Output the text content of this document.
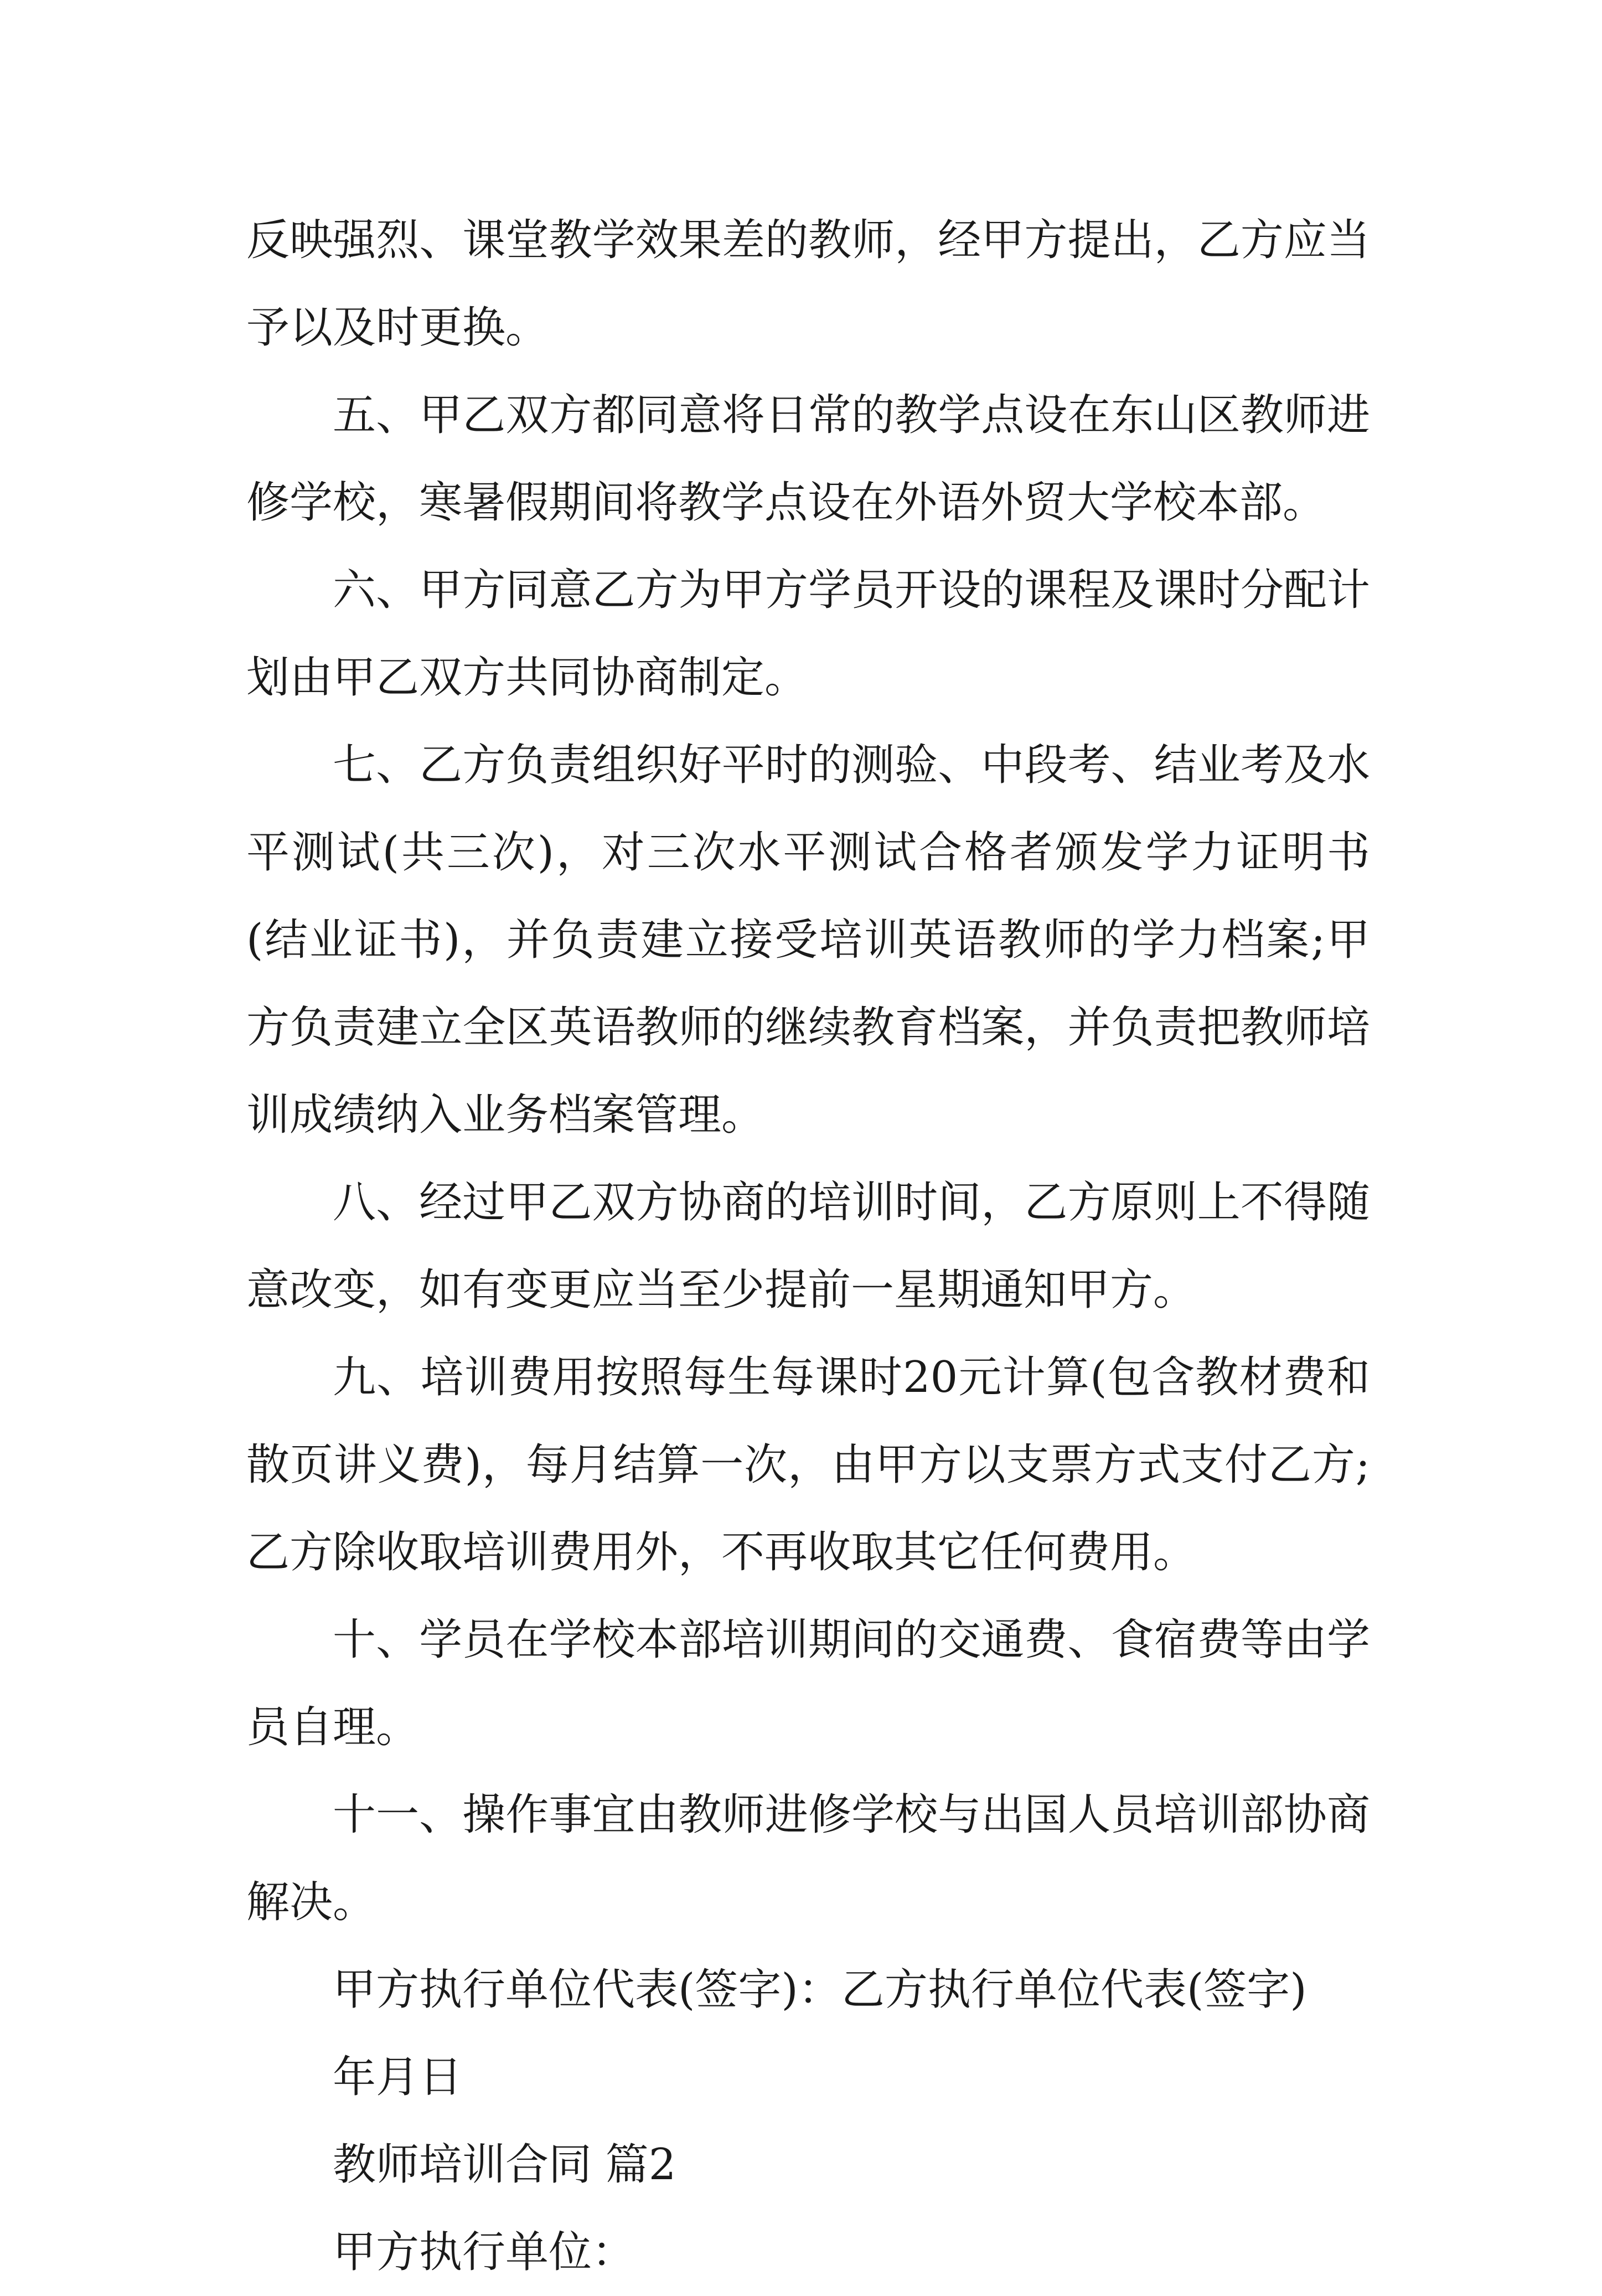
反映强烈、课堂教学效果差的教师，经甲方提出，乙方应当予以及时更换。

五、甲乙双方都同意将日常的教学点设在东山区教师进修学校，寒暑假期间将教学点设在外语外贸大学校本部。

六、甲方同意乙方为甲方学员开设的课程及课时分配计划由甲乙双方共同协商制定。

七、乙方负责组织好平时的测验、中段考、结业考及水平测试(共三次)，对三次水平测试合格者颁发学力证明书(结业证书)，并负责建立接受培训英语教师的学力档案;甲方负责建立全区英语教师的继续教育档案，并负责把教师培训成绩纳入业务档案管理。

八、经过甲乙双方协商的培训时间，乙方原则上不得随意改变，如有变更应当至少提前一星期通知甲方。

九、培训费用按照每生每课时20元计算(包含教材费和散页讲义费)，每月结算一次，由甲方以支票方式支付乙方;乙方除收取培训费用外，不再收取其它任何费用。

十、学员在学校本部培训期间的交通费、食宿费等由学员自理。

十一、操作事宜由教师进修学校与出国人员培训部协商解决。

甲方执行单位代表(签字)：乙方执行单位代表(签字)

年月日

教师培训合同 篇2

甲方执行单位：
